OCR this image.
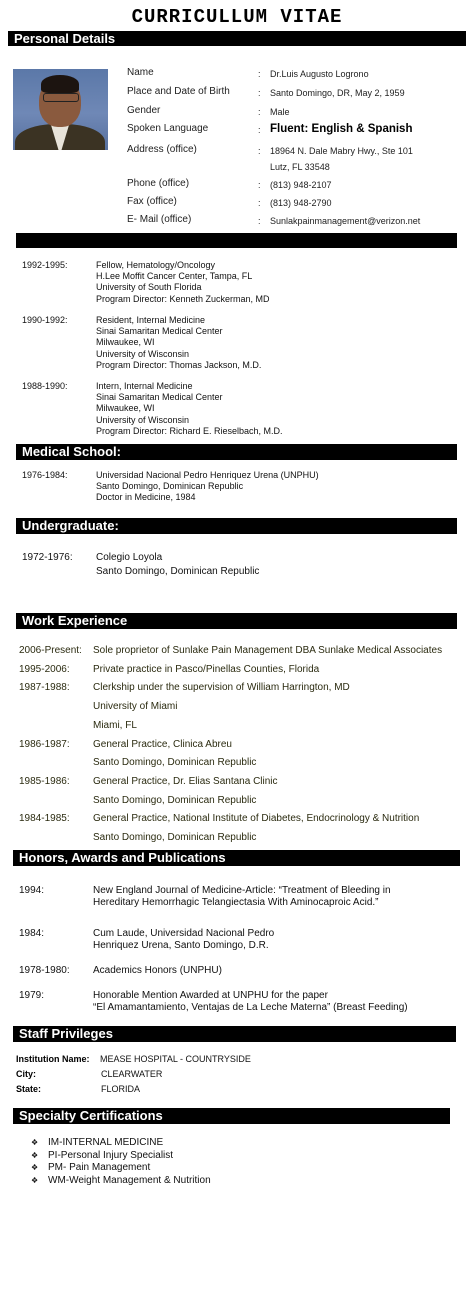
CURRICULLUM VITAE
Personal Details
Name	: Dr.Luis Augusto Logrono
Place and Date of Birth	: Santo Domingo, DR, May 2, 1959
Gender	: Male
Spoken Language	: Fluent: English & Spanish
Address (office)	: 18964 N. Dale Mabry Hwy., Ste 101
Lutz, FL 33548
Phone (office)	: (813) 948-2107
Fax (office)	: (813) 948-2790
E- Mail (office)	: Sunlakpainmanagement@verizon.net
1992-1995:	Fellow, Hematology/Oncology
H.Lee Moffit Cancer Center, Tampa, FL
University of South Florida
Program Director: Kenneth Zuckerman, MD
1990-1992:	Resident, Internal Medicine
Sinai Samaritan Medical Center
Milwaukee, WI
University of Wisconsin
Program Director: Thomas Jackson, M.D.
1988-1990:	Intern, Internal Medicine
Sinai Samaritan Medical Center
Milwaukee, WI
University of Wisconsin
Program Director: Richard E. Rieselbach, M.D.
Medical School:
1976-1984:	Universidad Nacional Pedro Henriquez Urena (UNPHU)
Santo Domingo, Dominican Republic
Doctor in Medicine, 1984
Undergraduate:
1972-1976: Colegio Loyola
Santo Domingo, Dominican Republic
Work Experience
2006-Present: Sole proprietor of Sunlake Pain Management DBA Sunlake Medical Associates
1995-2006: Private practice in Pasco/Pinellas Counties, Florida
1987-1988: Clerkship under the supervision of William Harrington, MD
University of Miami
Miami, FL
1986-1987: General Practice, Clinica Abreu
Santo Domingo, Dominican Republic
1985-1986: General Practice, Dr. Elias Santana Clinic
Santo Domingo, Dominican Republic
1984-1985: General Practice, National Institute of Diabetes, Endocrinology & Nutrition
Santo Domingo, Dominican Republic
Honors, Awards and Publications
1994:	New England Journal of Medicine-Article: “Treatment of Bleeding in
Hereditary Hemorrhagic Telangiectasia With Aminocaproic Acid.”
1984:	Cum Laude, Universidad Nacional Pedro
Henriquez Urena, Santo Domingo, D.R.
1978-1980: Academics Honors (UNPHU)
1979:	Honorable Mention Awarded at UNPHU for the paper
“El Amamantamiento, Ventajas de La Leche Materna” (Breast Feeding)
Staff Privileges
Institution Name: MEASE HOSPITAL - COUNTRYSIDE
City:	CLEARWATER
State:	FLORIDA
Specialty Certifications
❖ IM-INTERNAL MEDICINE
❖ PI-Personal Injury Specialist
❖ PM- Pain Management
❖ WM-Weight Management & Nutrition
